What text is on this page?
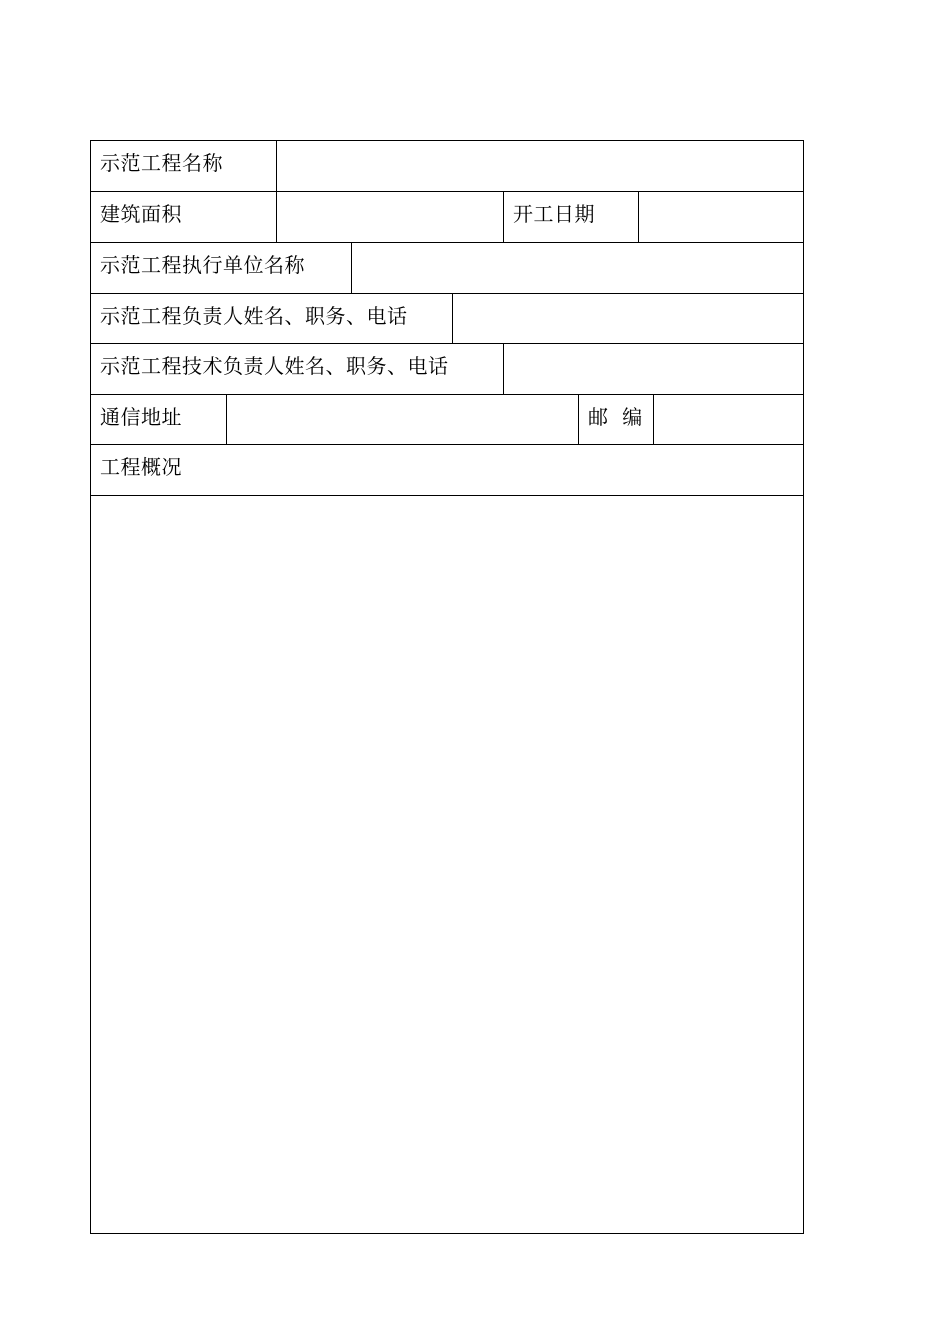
示范工程名称
建筑面积	开工日期
示范工程执行单位名称
示范工程负责人姓名、职务、电话
示范工程技术负责人姓名、职务、电话
通信地址	邮  编
工程概况
